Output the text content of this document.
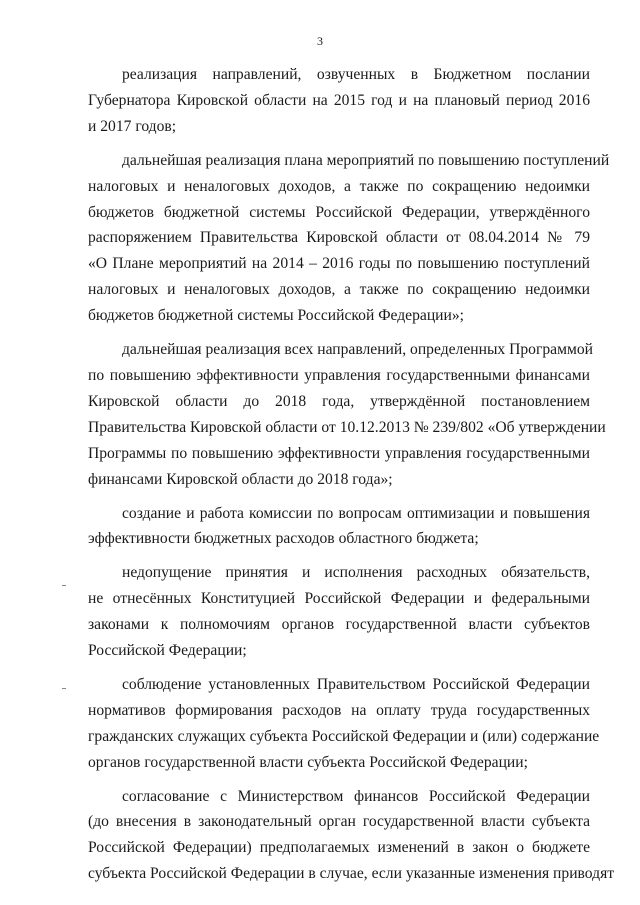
3
реализация направлений, озвученных в Бюджетном послании
Губернатора Кировской области на 2015 год и на плановый период 2016
и 2017 годов;
дальнейшая реализация плана мероприятий по повышению поступлений
налоговых и неналоговых доходов, а также по сокращению недоимки
бюджетов бюджетной системы Российской Федерации, утверждённого
распоряжением Правительства Кировской области от 08.04.2014 № 79
«О Плане мероприятий на 2014 – 2016 годы по повышению поступлений
налоговых и неналоговых доходов, а также по сокращению недоимки
бюджетов бюджетной системы Российской Федерации»;
дальнейшая реализация всех направлений, определенных Программой
по повышению эффективности управления государственными финансами
Кировской области до 2018 года, утверждённой постановлением
Правительства Кировской области от 10.12.2013 № 239/802 «Об утверждении
Программы по повышению эффективности управления государственными
финансами Кировской области до 2018 года»;
создание и работа комиссии по вопросам оптимизации и повышения
эффективности бюджетных расходов областного бюджета;
недопущение принятия и исполнения расходных обязательств,
не отнесённых Конституцией Российской Федерации и федеральными
законами к полномочиям органов государственной власти субъектов
Российской Федерации;
соблюдение установленных Правительством Российской Федерации
нормативов формирования расходов на оплату труда государственных
гражданских служащих субъекта Российской Федерации и (или) содержание
органов государственной власти субъекта Российской Федерации;
согласование с Министерством финансов Российской Федерации
(до внесения в законодательный орган государственной власти субъекта
Российской Федерации) предполагаемых изменений в закон о бюджете
субъекта Российской Федерации в случае, если указанные изменения приводят
